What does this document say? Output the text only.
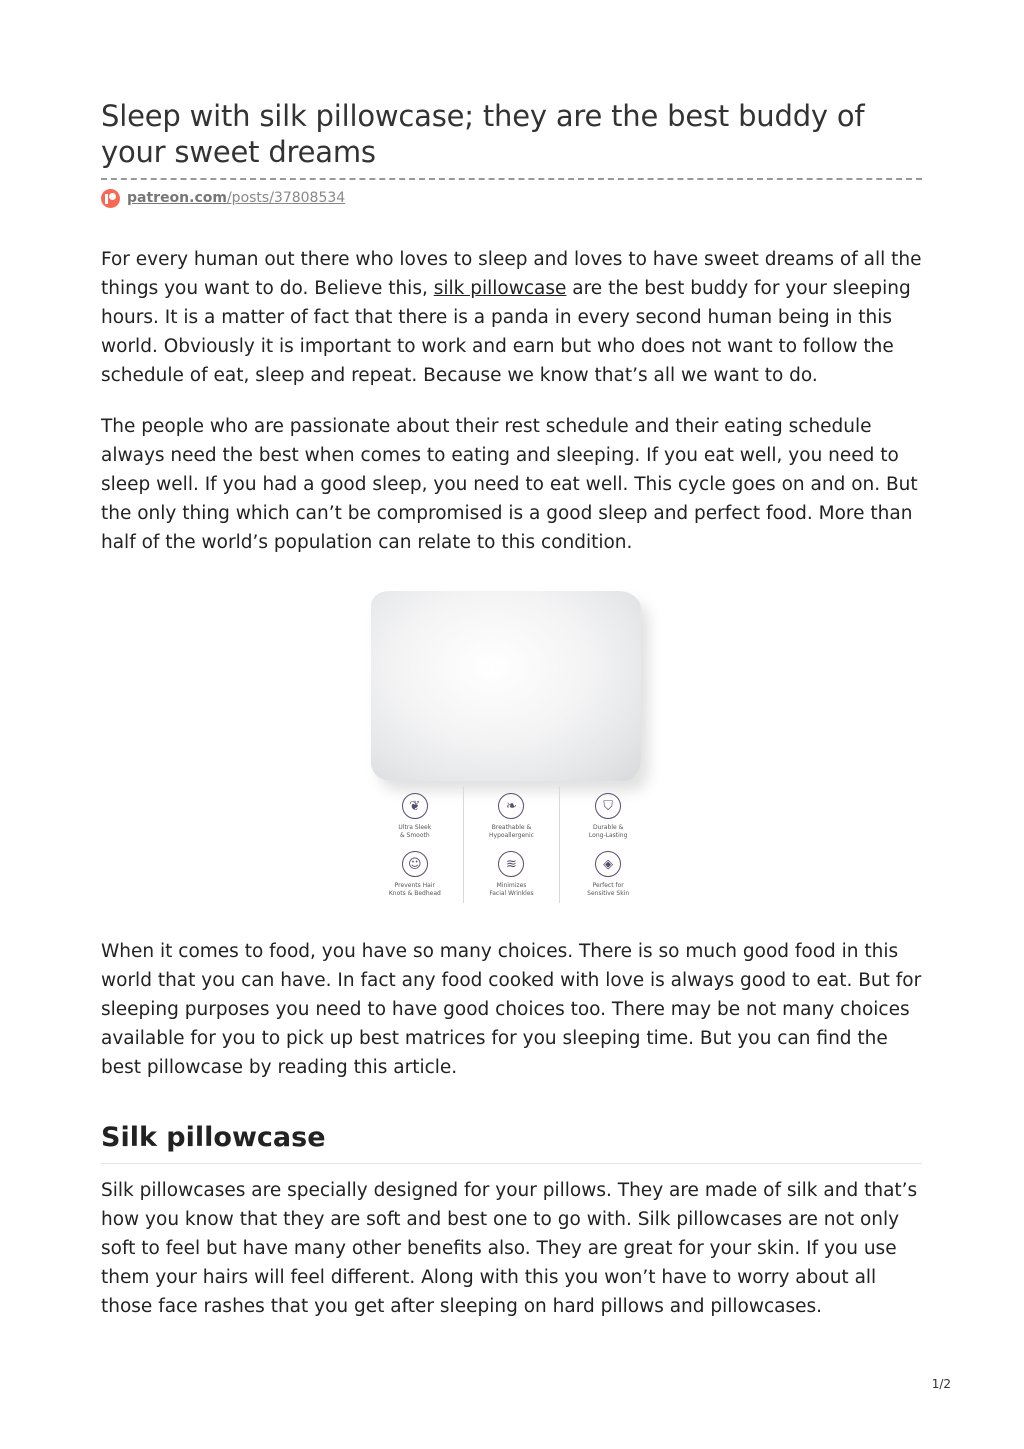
Sleep with silk pillowcase; they are the best buddy of your sweet dreams
patreon.com /posts/37808534

For every human out there who loves to sleep and loves to have sweet dreams of all the things you want to do. Believe this, silk pillowcase are the best buddy for your sleeping hours. It is a matter of fact that there is a panda in every second human being in this world. Obviously it is important to work and earn but who does not want to follow the schedule of eat, sleep and repeat. Because we know that’s all we want to do.

The people who are passionate about their rest schedule and their eating schedule always need the best when comes to eating and sleeping. If you eat well, you need to sleep well. If you had a good sleep, you need to eat well. This cycle goes on and on. But the only thing which can’t be compromised is a good sleep and perfect food. More than half of the world’s population can relate to this condition.

❦
Ultra Sleek
& Smooth
❧
Breathable &
Hypoallergenic
⛉
Durable &
Long-Lasting
☺
Prevents Hair
Knots & Bedhead
≋
Minimizes
Facial Wrinkles
◈
Perfect for
Sensitive Skin

When it comes to food, you have so many choices. There is so much good food in this world that you can have. In fact any food cooked with love is always good to eat. But for sleeping purposes you need to have good choices too. There may be not many choices available for you to pick up best matrices for you sleeping time. But you can find the best pillowcase by reading this article.

Silk pillowcase

Silk pillowcases are specially designed for your pillows. They are made of silk and that’s how you know that they are soft and best one to go with. Silk pillowcases are not only soft to feel but have many other benefits also. They are great for your skin. If you use them your hairs will feel different. Along with this you won’t have to worry about all those face rashes that you get after sleeping on hard pillows and pillowcases.

1/2
